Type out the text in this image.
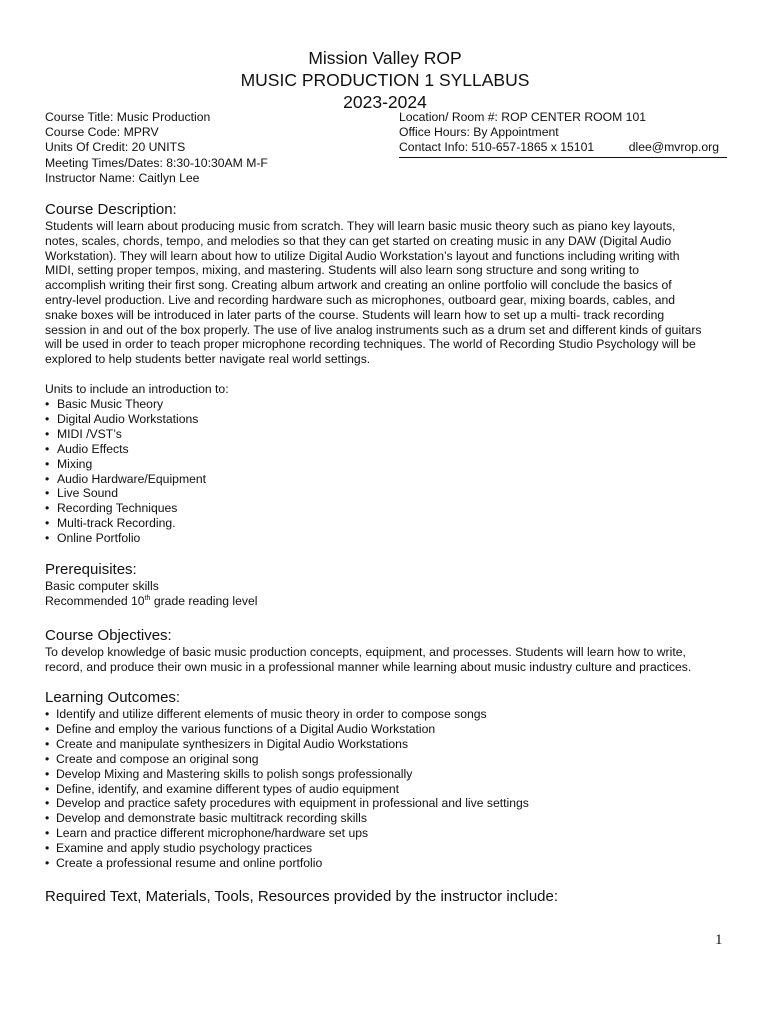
Mission Valley ROP
MUSIC PRODUCTION 1 SYLLABUS
2023-2024
Course Title: Music Production
Course Code: MPRV
Units Of Credit: 20 UNITS
Meeting Times/Dates: 8:30-10:30AM M-F
Instructor Name: Caitlyn Lee
Location/ Room #: ROP CENTER ROOM 101
Office Hours: By Appointment
Contact Info: 510-657-1865 x 15101	dlee@mvrop.org
Course Description:
Students will learn about producing music from scratch. They will learn basic music theory such as piano key layouts,
notes, scales, chords, tempo, and melodies so that they can get started on creating music in any DAW (Digital Audio
Workstation). They will learn about how to utilize Digital Audio Workstation’s layout and functions including writing with
MIDI, setting proper tempos, mixing, and mastering. Students will also learn song structure and song writing to
accomplish writing their first song. Creating album artwork and creating an online portfolio will conclude the basics of
entry-level production. Live and recording hardware such as microphones, outboard gear, mixing boards, cables, and
snake boxes will be introduced in later parts of the course. Students will learn how to set up a multi- track recording
session in and out of the box properly. The use of live analog instruments such as a drum set and different kinds of guitars
will be used in order to teach proper microphone recording techniques. The world of Recording Studio Psychology will be
explored to help students better navigate real world settings.
Units to include an introduction to:
• Basic Music Theory
• Digital Audio Workstations
• MIDI /VST’s
• Audio Effects
• Mixing
• Audio Hardware/Equipment
• Live Sound
• Recording Techniques
• Multi-track Recording.
• Online Portfolio
Prerequisites:
Basic computer skills
Recommended 10th grade reading level
Course Objectives:
To develop knowledge of basic music production concepts, equipment, and processes. Students will learn how to write,
record, and produce their own music in a professional manner while learning about music industry culture and practices.
Learning Outcomes:
• Identify and utilize different elements of music theory in order to compose songs
• Define and employ the various functions of a Digital Audio Workstation
• Create and manipulate synthesizers in Digital Audio Workstations
• Create and compose an original song
• Develop Mixing and Mastering skills to polish songs professionally
• Define, identify, and examine different types of audio equipment
• Develop and practice safety procedures with equipment in professional and live settings
• Develop and demonstrate basic multitrack recording skills
• Learn and practice different microphone/hardware set ups
• Examine and apply studio psychology practices
• Create a professional resume and online portfolio
Required Text, Materials, Tools, Resources provided by the instructor include:
1
